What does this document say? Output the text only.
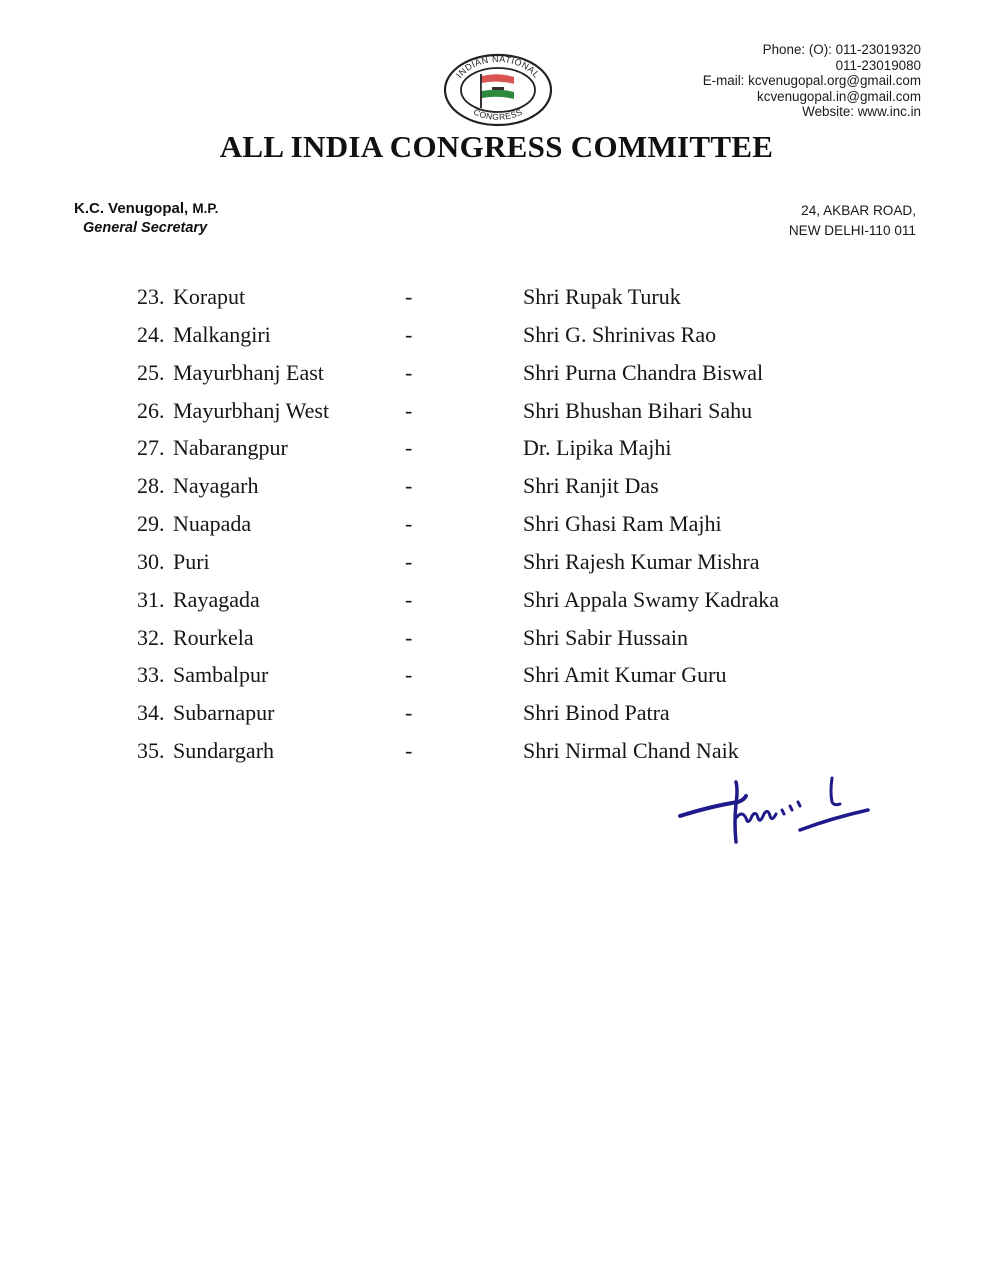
INDIAN NATIONAL
CONGRESS
Phone: (O): 011-23019320
011-23019080
E-mail: kcvenugopal.org@gmail.com
kcvenugopal.in@gmail.com
Website: www.inc.in
ALL INDIA CONGRESS COMMITTEE
K.C. Venugopal, M.P.
General Secretary
24, AKBAR ROAD,
NEW DELHI-110 011
23. Koraput	-	Shri Rupak Turuk
24. Malkangiri	-	Shri G. Shrinivas Rao
25. Mayurbhanj East	-	Shri Purna Chandra Biswal
26. Mayurbhanj West	-	Shri Bhushan Bihari Sahu
27. Nabarangpur	-	Dr. Lipika Majhi
28. Nayagarh	-	Shri Ranjit Das
29. Nuapada	-	Shri Ghasi Ram Majhi
30. Puri	-	Shri Rajesh Kumar Mishra
31. Rayagada	-	Shri Appala Swamy Kadraka
32. Rourkela	-	Shri Sabir Hussain
33. Sambalpur	-	Shri Amit Kumar Guru
34. Subarnapur	-	Shri Binod Patra
35. Sundargarh	-	Shri Nirmal Chand Naik
